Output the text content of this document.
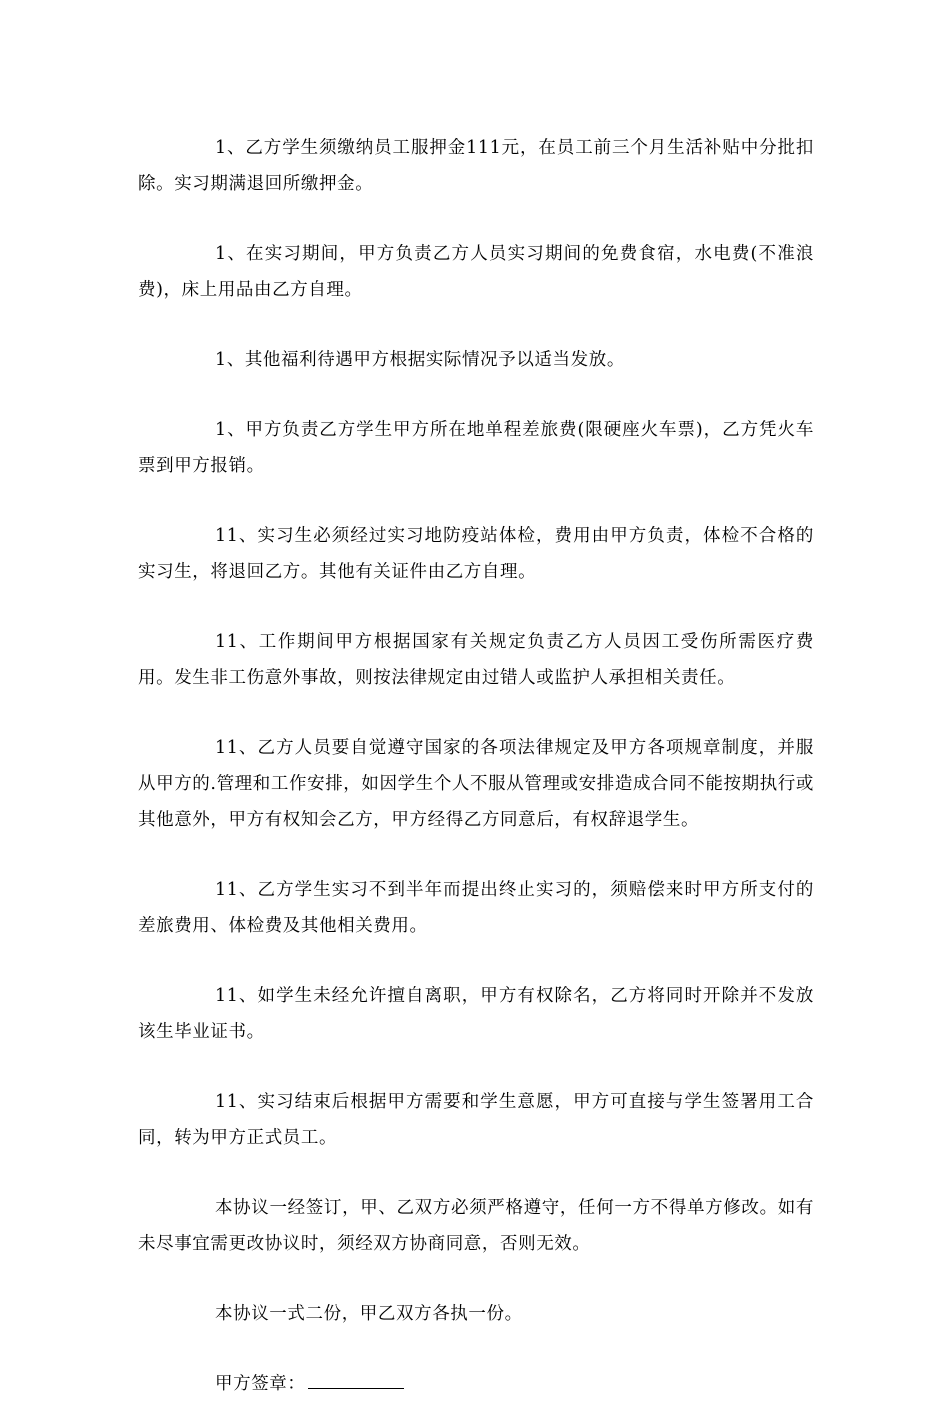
1、乙方学生须缴纳员工服押金111元，在员工前三个月生活补贴中分批扣除。实习期满退回所缴押金。

1、在实习期间，甲方负责乙方人员实习期间的免费食宿，水电费(不准浪费)，床上用品由乙方自理。

1、其他福利待遇甲方根据实际情况予以适当发放。

1、甲方负责乙方学生甲方所在地单程差旅费(限硬座火车票)，乙方凭火车票到甲方报销。

11、实习生必须经过实习地防疫站体检，费用由甲方负责，体检不合格的实习生，将退回乙方。其他有关证件由乙方自理。

11、工作期间甲方根据国家有关规定负责乙方人员因工受伤所需医疗费用。发生非工伤意外事故，则按法律规定由过错人或监护人承担相关责任。

11、乙方人员要自觉遵守国家的各项法律规定及甲方各项规章制度，并服从甲方的.管理和工作安排，如因学生个人不服从管理或安排造成合同不能按期执行或其他意外，甲方有权知会乙方，甲方经得乙方同意后，有权辞退学生。

11、乙方学生实习不到半年而提出终止实习的，须赔偿来时甲方所支付的差旅费用、体检费及其他相关费用。

11、如学生未经允许擅自离职，甲方有权除名，乙方将同时开除并不发放该生毕业证书。

11、实习结束后根据甲方需要和学生意愿，甲方可直接与学生签署用工合同，转为甲方正式员工。

本协议一经签订，甲、乙双方必须严格遵守，任何一方不得单方修改。如有未尽事宜需更改协议时，须经双方协商同意，否则无效。

本协议一式二份，甲乙双方各执一份。

甲方签章：
